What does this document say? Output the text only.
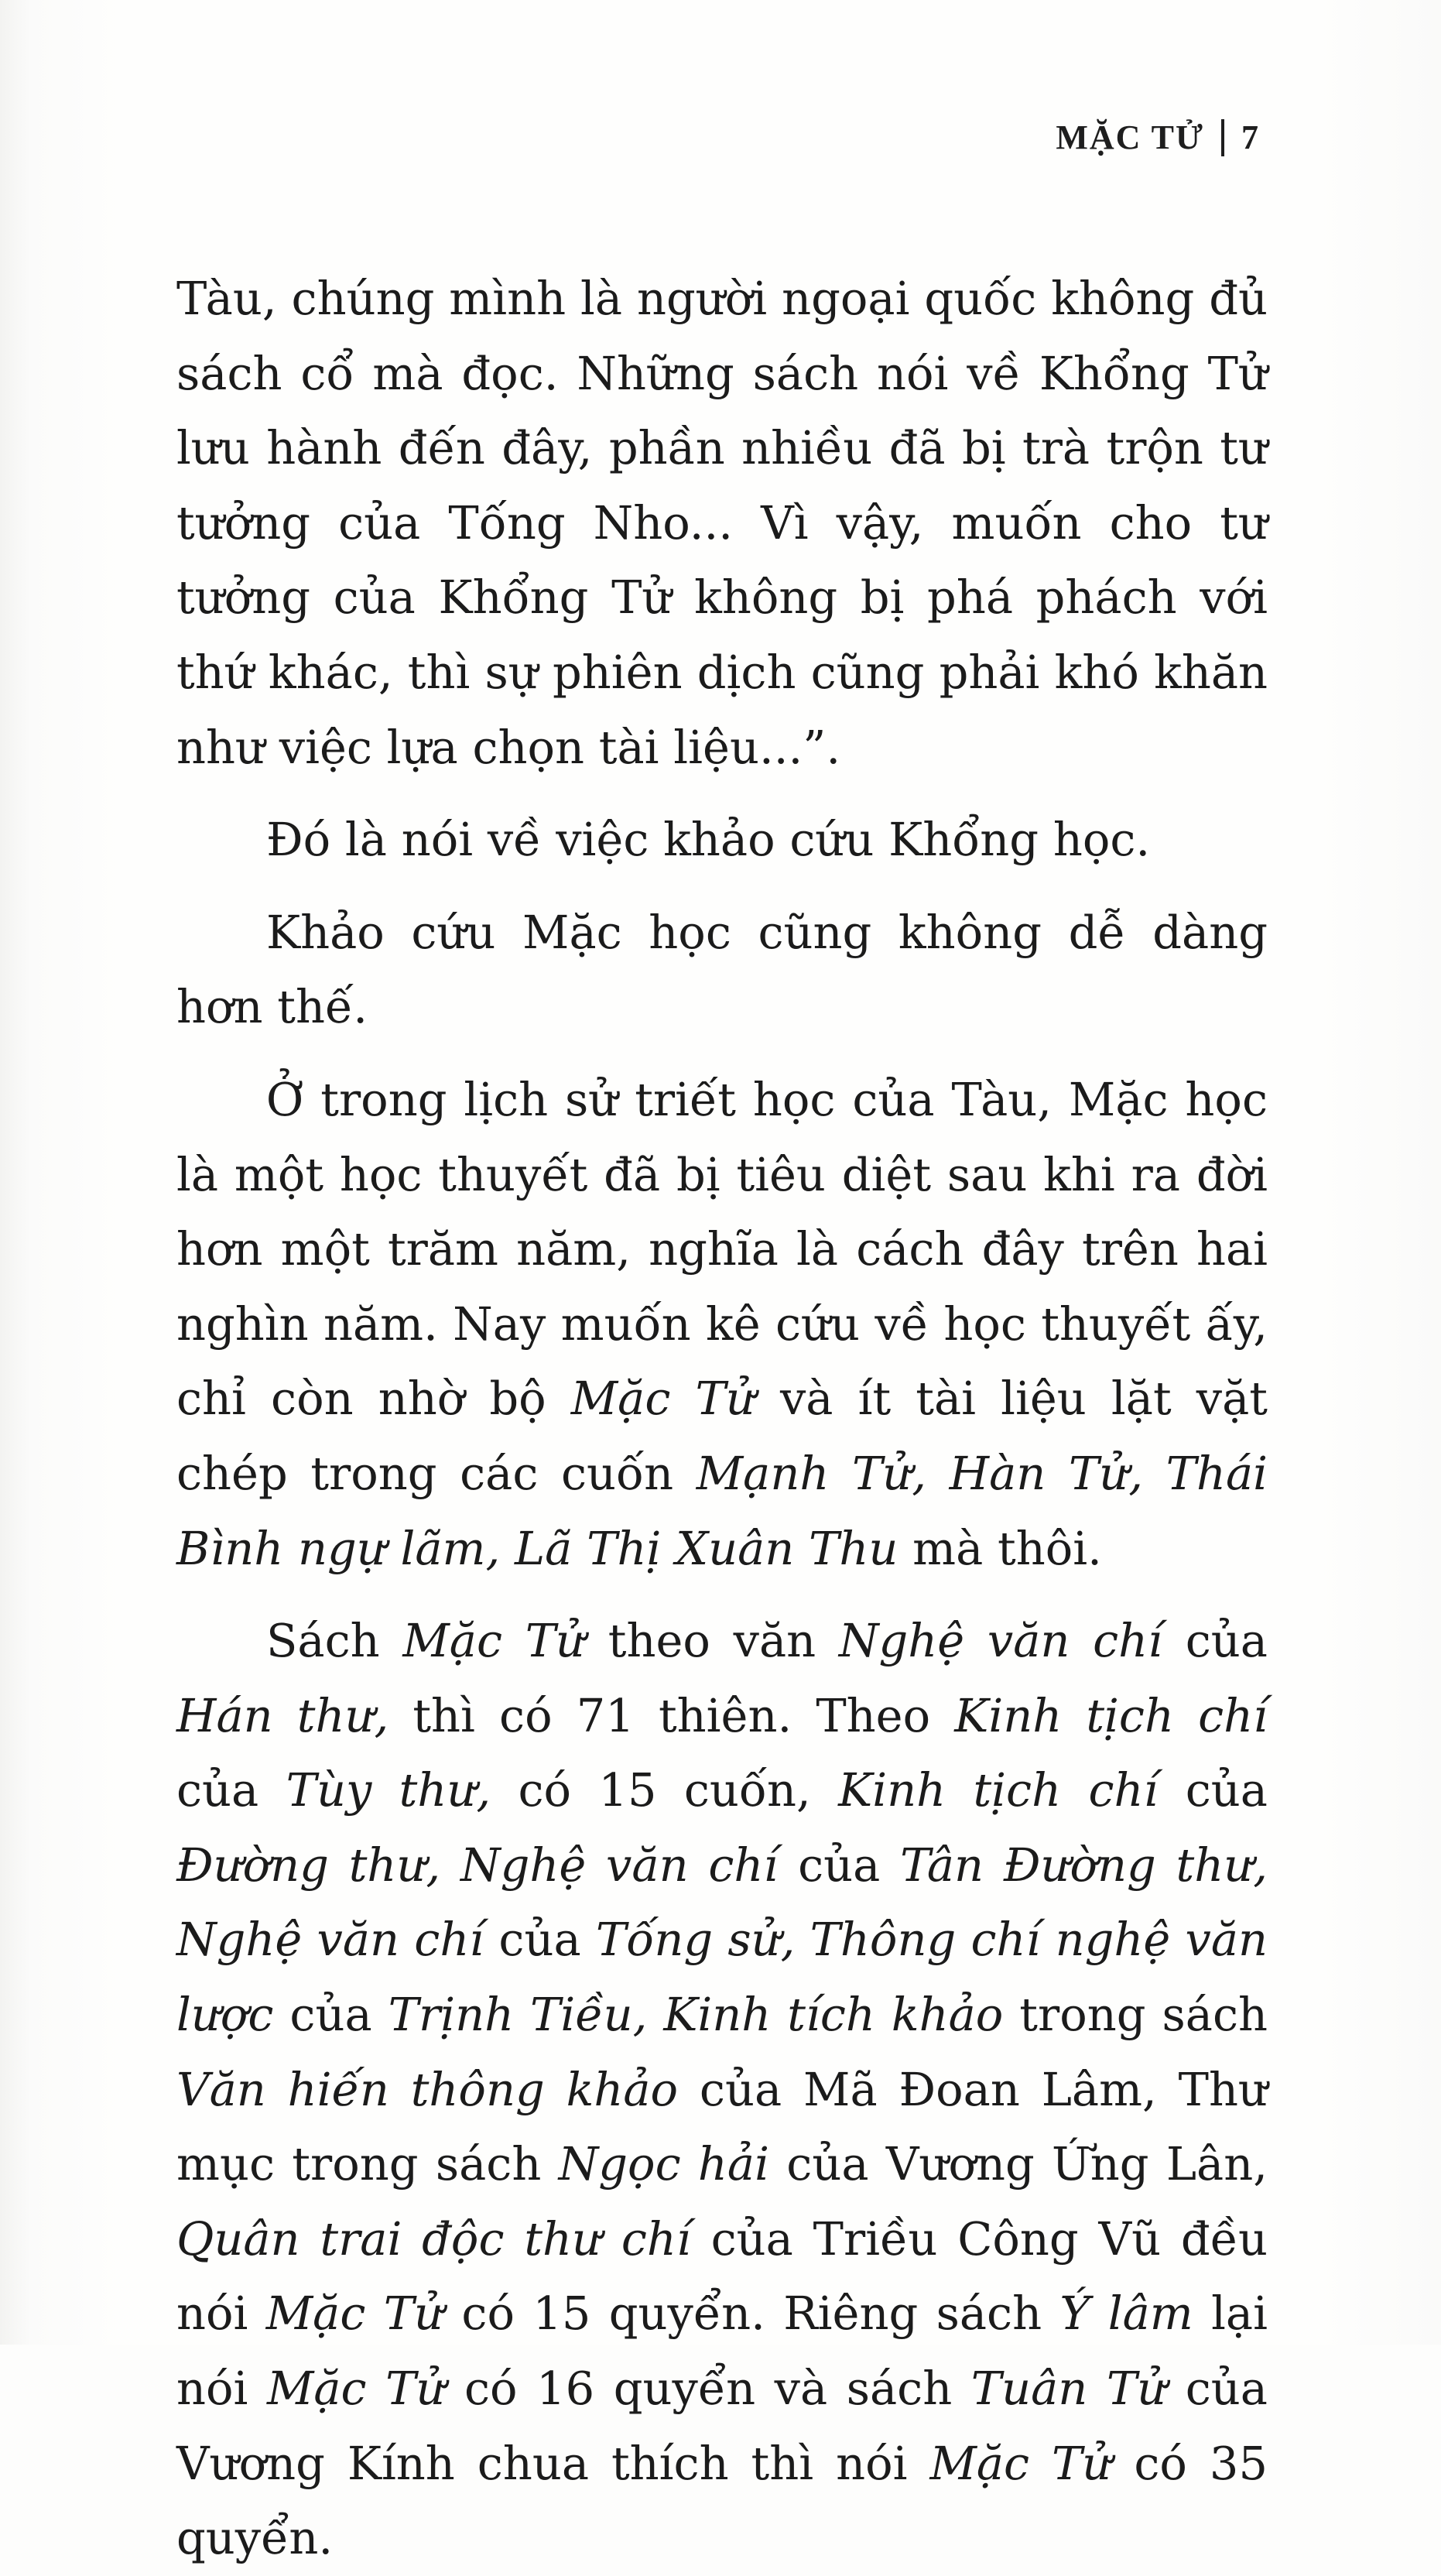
MẶC TỬ 7

Tàu, chúng mình là người ngoại quốc không đủ sách cổ mà đọc. Những sách nói về Khổng Tử lưu hành đến đây, phần nhiều đã bị trà trộn tư tưởng của Tống Nho... Vì vậy, muốn cho tư tưởng của Khổng Tử không bị phá phách với thứ khác, thì sự phiên dịch cũng phải khó khăn như việc lựa chọn tài liệu...”.

Đó là nói về việc khảo cứu Khổng học.

Khảo cứu Mặc học cũng không dễ dàng hơn thế.

Ở trong lịch sử triết học của Tàu, Mặc học là một học thuyết đã bị tiêu diệt sau khi ra đời hơn một trăm năm, nghĩa là cách đây trên hai nghìn năm. Nay muốn kê cứu về học thuyết ấy, chỉ còn nhờ bộ Mặc Tử và ít tài liệu lặt vặt chép trong các cuốn Mạnh Tử, Hàn Tử, Thái Bình ngự lãm, Lã Thị Xuân Thu mà thôi.

Sách Mặc Tử theo văn Nghệ văn chí của Hán thư, thì có 71 thiên. Theo Kinh tịch chí của Tùy thư, có 15 cuốn, Kinh tịch chí của Đường thư, Nghệ văn chí của Tân Đường thư, Nghệ văn chí của Tống sử, Thông chí nghệ văn lược của Trịnh Tiều, Kinh tích khảo trong sách Văn hiến thông khảo của Mã Đoan Lâm, Thư mục trong sách Ngọc hải của Vương Ứng Lân, Quân trai độc thư chí của Triều Công Vũ đều nói Mặc Tử có 15 quyển. Riêng sách Ý lâm lại nói Mặc Tử có 16 quyển và sách Tuân Tử của Vương Kính chua thích thì nói Mặc Tử có 35 quyển.
